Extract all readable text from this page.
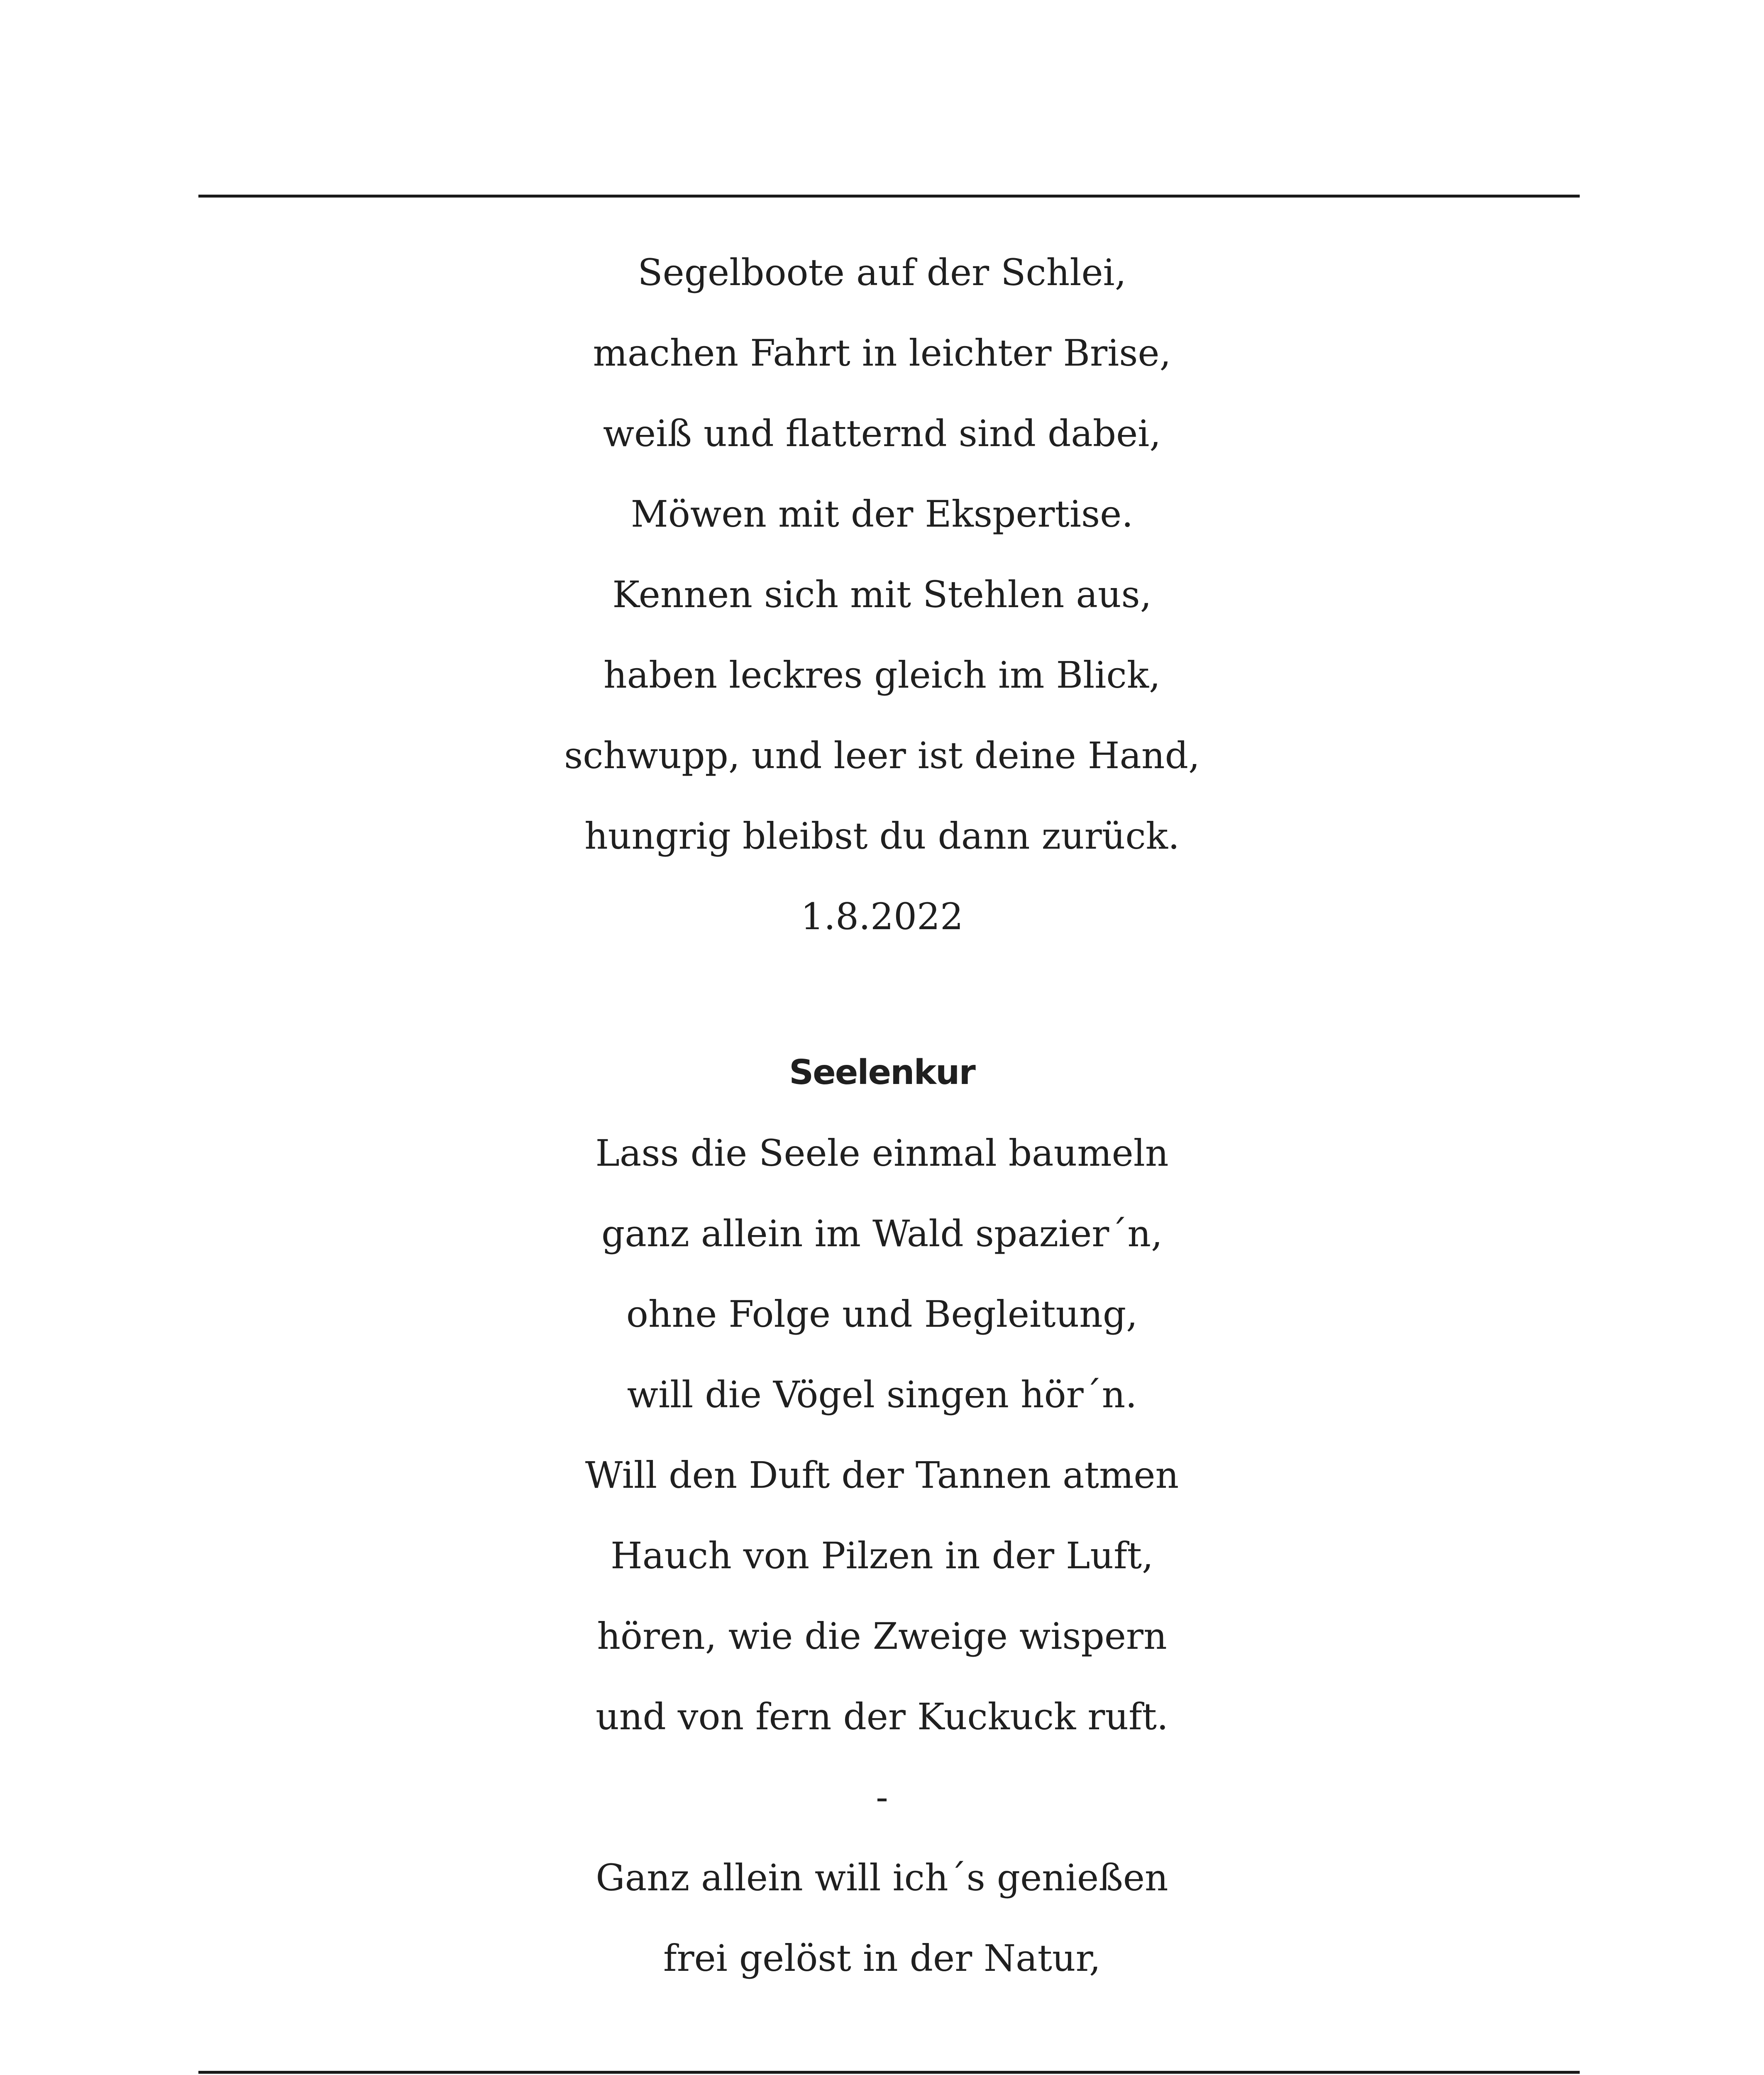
Segelboote auf der Schlei,
machen Fahrt in leichter Brise,
weiß und flatternd sind dabei,
Möwen mit der Ekspertise.
Kennen sich mit Stehlen aus,
haben leckres gleich im Blick,
schwupp, und leer ist deine Hand,
hungrig bleibst du dann zurück.
1.8.2022
Seelenkur
Lass die Seele einmal baumeln
ganz allein im Wald spazier´n,
ohne Folge und Begleitung,
will die Vögel singen hör´n.
Will den Duft der Tannen atmen
Hauch von Pilzen in der Luft,
hören, wie die Zweige wispern
und von fern der Kuckuck ruft.
-
Ganz allein will ich´s genießen
frei gelöst in der Natur,
